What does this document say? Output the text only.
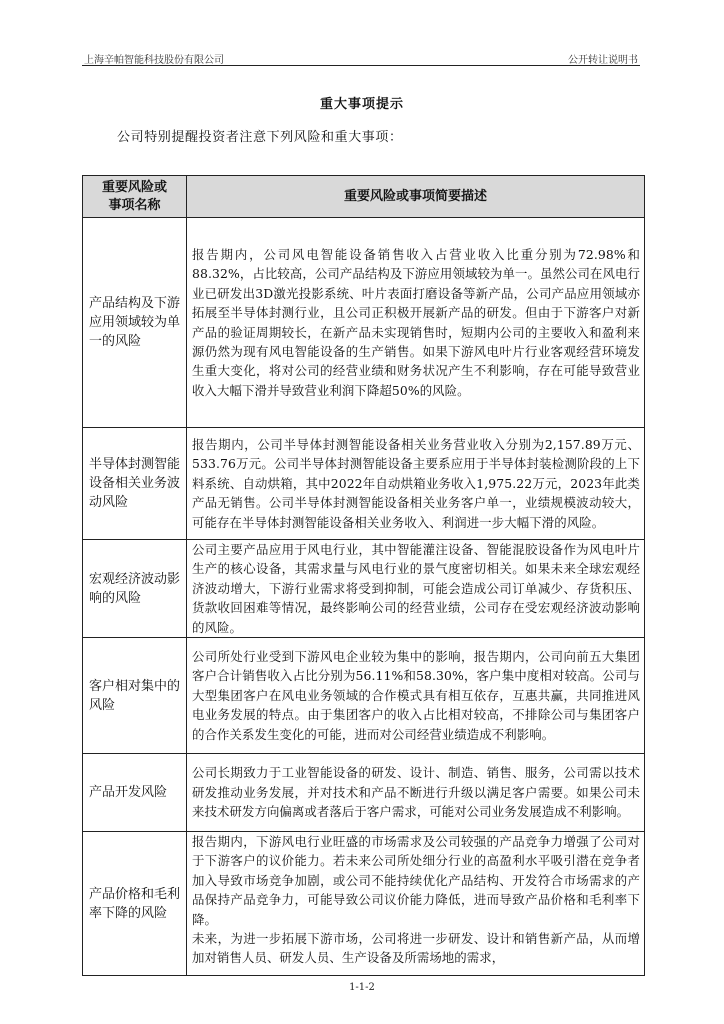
上海辛帕智能科技股份有限公司	公开转让说明书
重大事项提示
公司特别提醒投资者注意下列风险和重大事项：
重要风险或事项名称	重要风险或事项简要描述
产品结构及下游应用领域较为单一的风险	报告期内，公司风电智能设备销售收入占营业收入比重分别为72.98%和88.32%，占比较高，公司产品结构及下游应用领域较为单一。虽然公司在风电行业已研发出3D激光投影系统、叶片表面打磨设备等新产品，公司产品应用领域亦拓展至半导体封测行业，且公司正积极开展新产品的研发。但由于下游客户对新产品的验证周期较长，在新产品未实现销售时，短期内公司的主要收入和盈利来源仍然为现有风电智能设备的生产销售。如果下游风电叶片行业客观经营环境发生重大变化，将对公司的经营业绩和财务状况产生不利影响，存在可能导致营业收入大幅下滑并导致营业利润下降超50%的风险。

半导体封测智能设备相关业务波动风险	报告期内，公司半导体封测智能设备相关业务营业收入分别为2,157.89万元、533.76万元。公司半导体封测智能设备主要系应用于半导体封装检测阶段的上下料系统、自动烘箱，其中2022年自动烘箱业务收入1,975.22万元，2023年此类产品无销售。公司半导体封测智能设备相关业务客户单一，业绩规模波动较大，可能存在半导体封测智能设备相关业务收入、利润进一步大幅下滑的风险。

宏观经济波动影响的风险	公司主要产品应用于风电行业，其中智能灌注设备、智能混胶设备作为风电叶片生产的核心设备，其需求量与风电行业的景气度密切相关。如果未来全球宏观经济波动增大，下游行业需求将受到抑制，可能会造成公司订单减少、存货积压、货款收回困难等情况，最终影响公司的经营业绩，公司存在受宏观经济波动影响的风险。

客户相对集中的风险	公司所处行业受到下游风电企业较为集中的影响，报告期内，公司向前五大集团客户合计销售收入占比分别为56.11%和58.30%，客户集中度相对较高。公司与大型集团客户在风电业务领域的合作模式具有相互依存，互惠共赢，共同推进风电业务发展的特点。由于集团客户的收入占比相对较高，不排除公司与集团客户的合作关系发生变化的可能，进而对公司经营业绩造成不利影响。

产品开发风险	公司长期致力于工业智能设备的研发、设计、制造、销售、服务，公司需以技术研发推动业务发展，并对技术和产品不断进行升级以满足客户需要。如果公司未来技术研发方向偏离或者落后于客户需求，可能对公司业务发展造成不利影响。

产品价格和毛利率下降的风险	报告期内，下游风电行业旺盛的市场需求及公司较强的产品竞争力增强了公司对于下游客户的议价能力。若未来公司所处细分行业的高盈利水平吸引潜在竞争者加入导致市场竞争加剧，或公司不能持续优化产品结构、开发符合市场需求的产品保持产品竞争力，可能导致公司议价能力降低，进而导致产品价格和毛利率下降。

未来，为进一步拓展下游市场，公司将进一步研发、设计和销售新产品，从而增加对销售人员、研发人员、生产设备及所需场地的需求，

1-1-2
